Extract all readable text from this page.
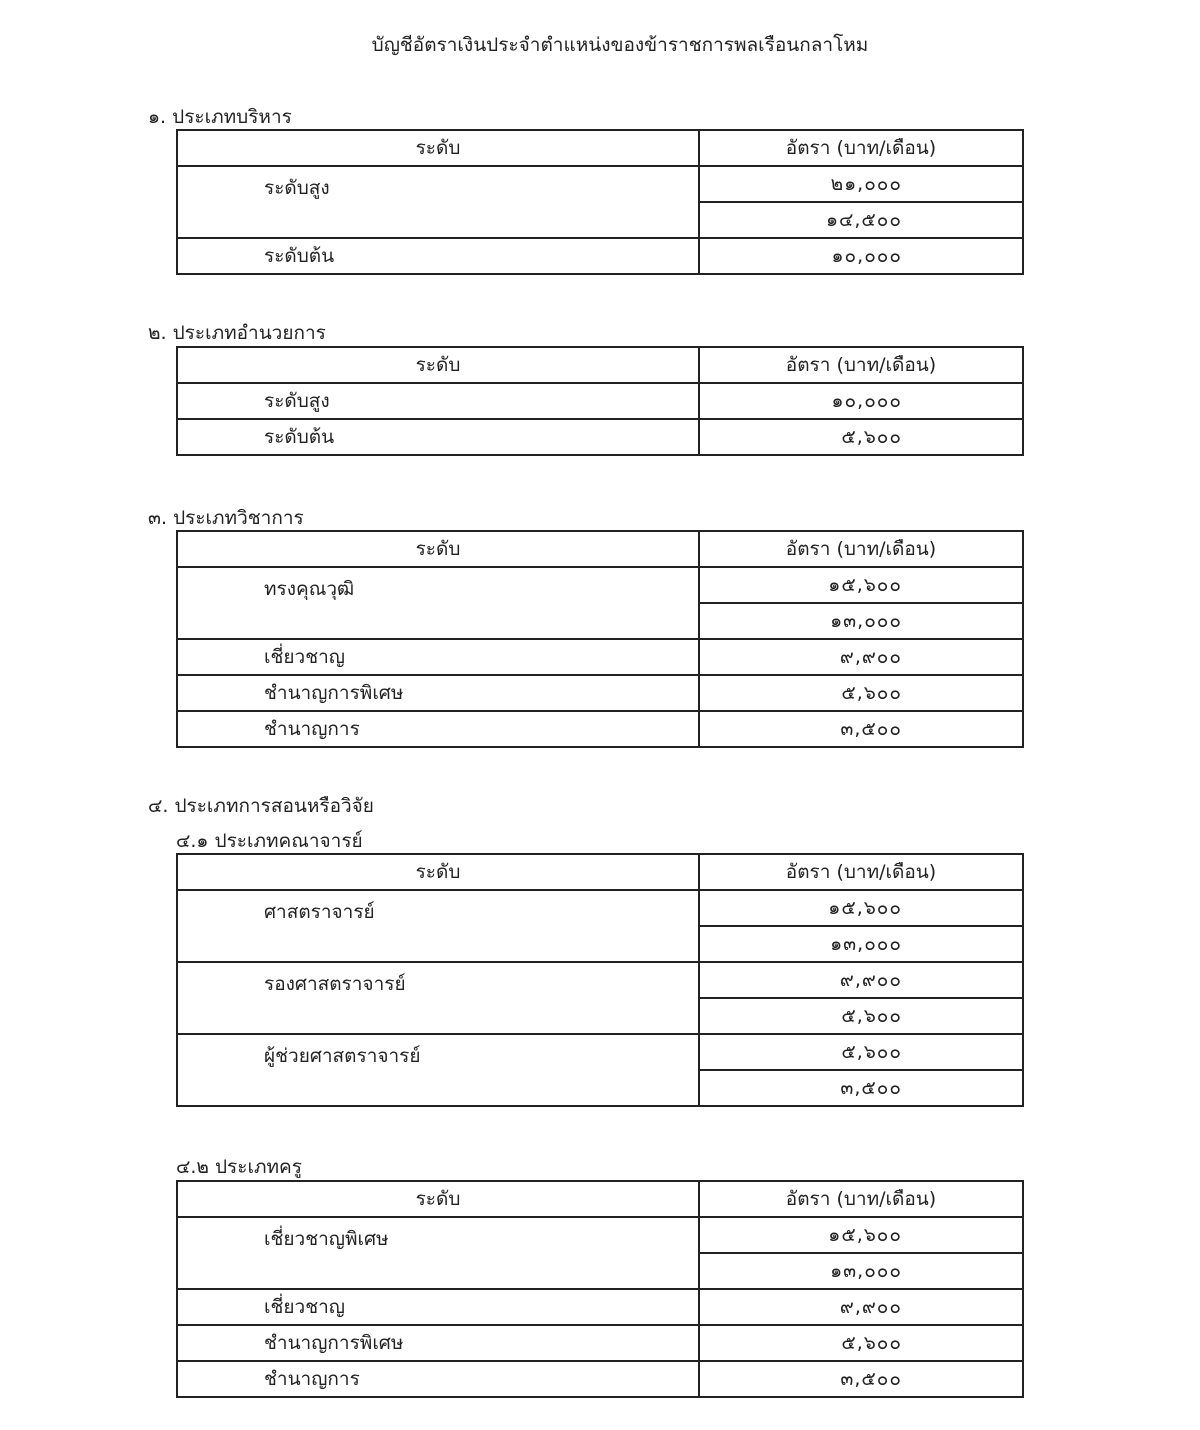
บัญชีอัตราเงินประจำตำแหน่งของข้าราชการพลเรือนกลาโหม
๑. ประเภทบริหาร
ระดับ	อัตรา (บาท/เดือน)
ระดับสูง	๒๑,๐๐๐
	๑๔,๕๐๐
ระดับต้น	๑๐,๐๐๐
๒. ประเภทอำนวยการ
ระดับ	อัตรา (บาท/เดือน)
ระดับสูง	๑๐,๐๐๐
ระดับต้น	๕,๖๐๐
๓. ประเภทวิชาการ
ระดับ	อัตรา (บาท/เดือน)
ทรงคุณวุฒิ	๑๕,๖๐๐
	๑๓,๐๐๐
เชี่ยวชาญ	๙,๙๐๐
ชำนาญการพิเศษ	๕,๖๐๐
ชำนาญการ	๓,๕๐๐
๔. ประเภทการสอนหรือวิจัย
๔.๑ ประเภทคณาจารย์
ระดับ	อัตรา (บาท/เดือน)
ศาสตราจารย์	๑๕,๖๐๐
	๑๓,๐๐๐
รองศาสตราจารย์	๙,๙๐๐
	๕,๖๐๐
ผู้ช่วยศาสตราจารย์	๕,๖๐๐
	๓,๕๐๐
๔.๒ ประเภทครู
ระดับ	อัตรา (บาท/เดือน)
เชี่ยวชาญพิเศษ	๑๕,๖๐๐
	๑๓,๐๐๐
เชี่ยวชาญ	๙,๙๐๐
ชำนาญการพิเศษ	๕,๖๐๐
ชำนาญการ	๓,๕๐๐
